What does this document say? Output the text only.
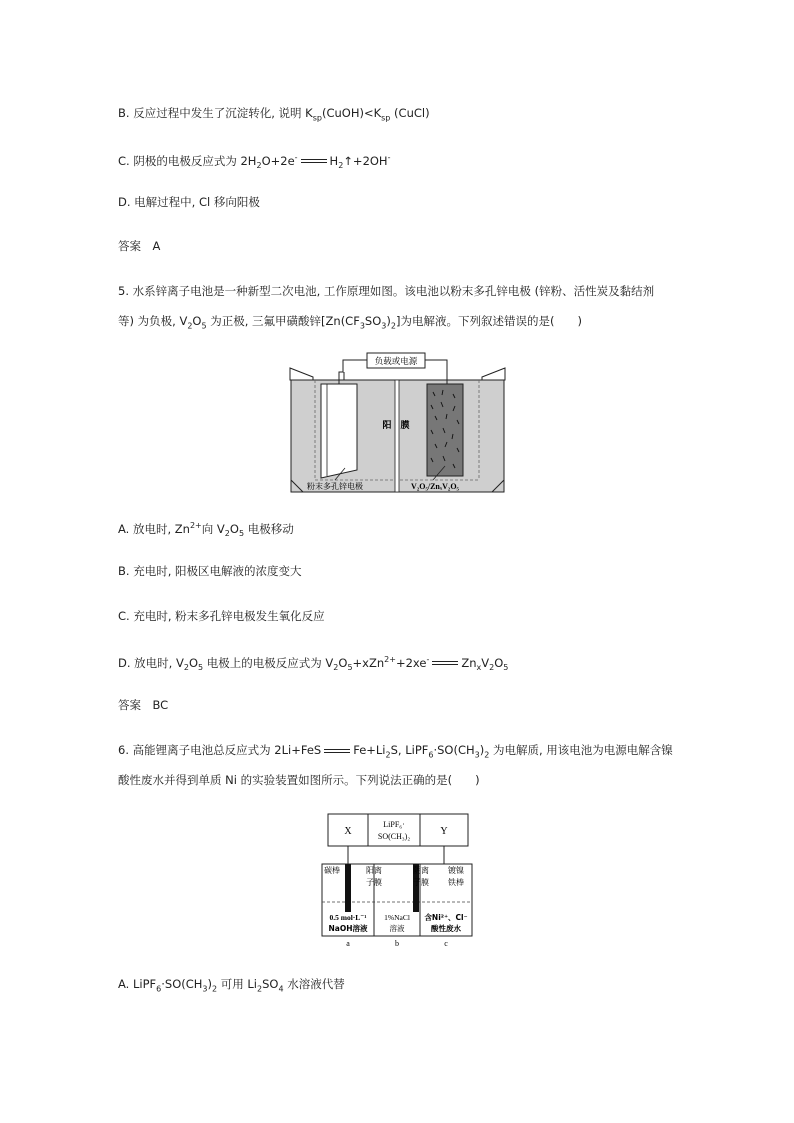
B. 反应过程中发生了沉淀转化, 说明 $K_{sp}(CuOH)<K_{sp}$ (CuCl)
C. 阴极的电极反应式为 $2H_2O+2e^-$	$H_2↑+2OH^-$
D. 电解过程中, Cl 移向阳极
答案　A
5. 水系锌离子电池是一种新型二次电池, 工作原理如图。该电池以粉末多孔锌电极 (锌粉、活性炭及黏结剂
等) 为负极, $V_2O_5$ 为正极, 三氟甲磺酸锌$[Zn(CF_3SO_3)_2]$为电解液。下列叙述错误的是(　　)
负载或电源
阳　膜
粉末多孔锌电极	V₂O₅/ZnₓV₂O₅
A. 放电时, $Zn^{2+}$向 $V_2O_5$ 电极移动
B. 充电时, 阳极区电解液的浓度变大
C. 充电时, 粉末多孔锌电极发生氧化反应
D. 放电时, $V_2O_5$ 电极上的电极反应式为 $V_2O_5+xZn^{2+}+2xe^-$	$Zn_xV_2O_5$
答案　BC
6. 高能锂离子电池总反应式为 2Li+FeS	$Fe+Li_2S$, $LiPF_6\cdot SO(CH_3)_2$ 为电解质, 用该电池为电源电解含镍
酸性废水并得到单质 Ni 的实验装置如图所示。下列说法正确的是(　　)
X
LiPF₆·
SO(CH₃)₂	Y
碳棒	阳离
子膜
阴离
子膜
镀镍
铁棒
0.5 mol·L⁻¹
NaOH溶液
1%NaCl
溶液
含Ni²⁺、Cl⁻
酸性废水
a	b	c
A. $LiPF_6\cdot SO(CH_3)_2$ 可用 $Li_2SO_4$ 水溶液代替
